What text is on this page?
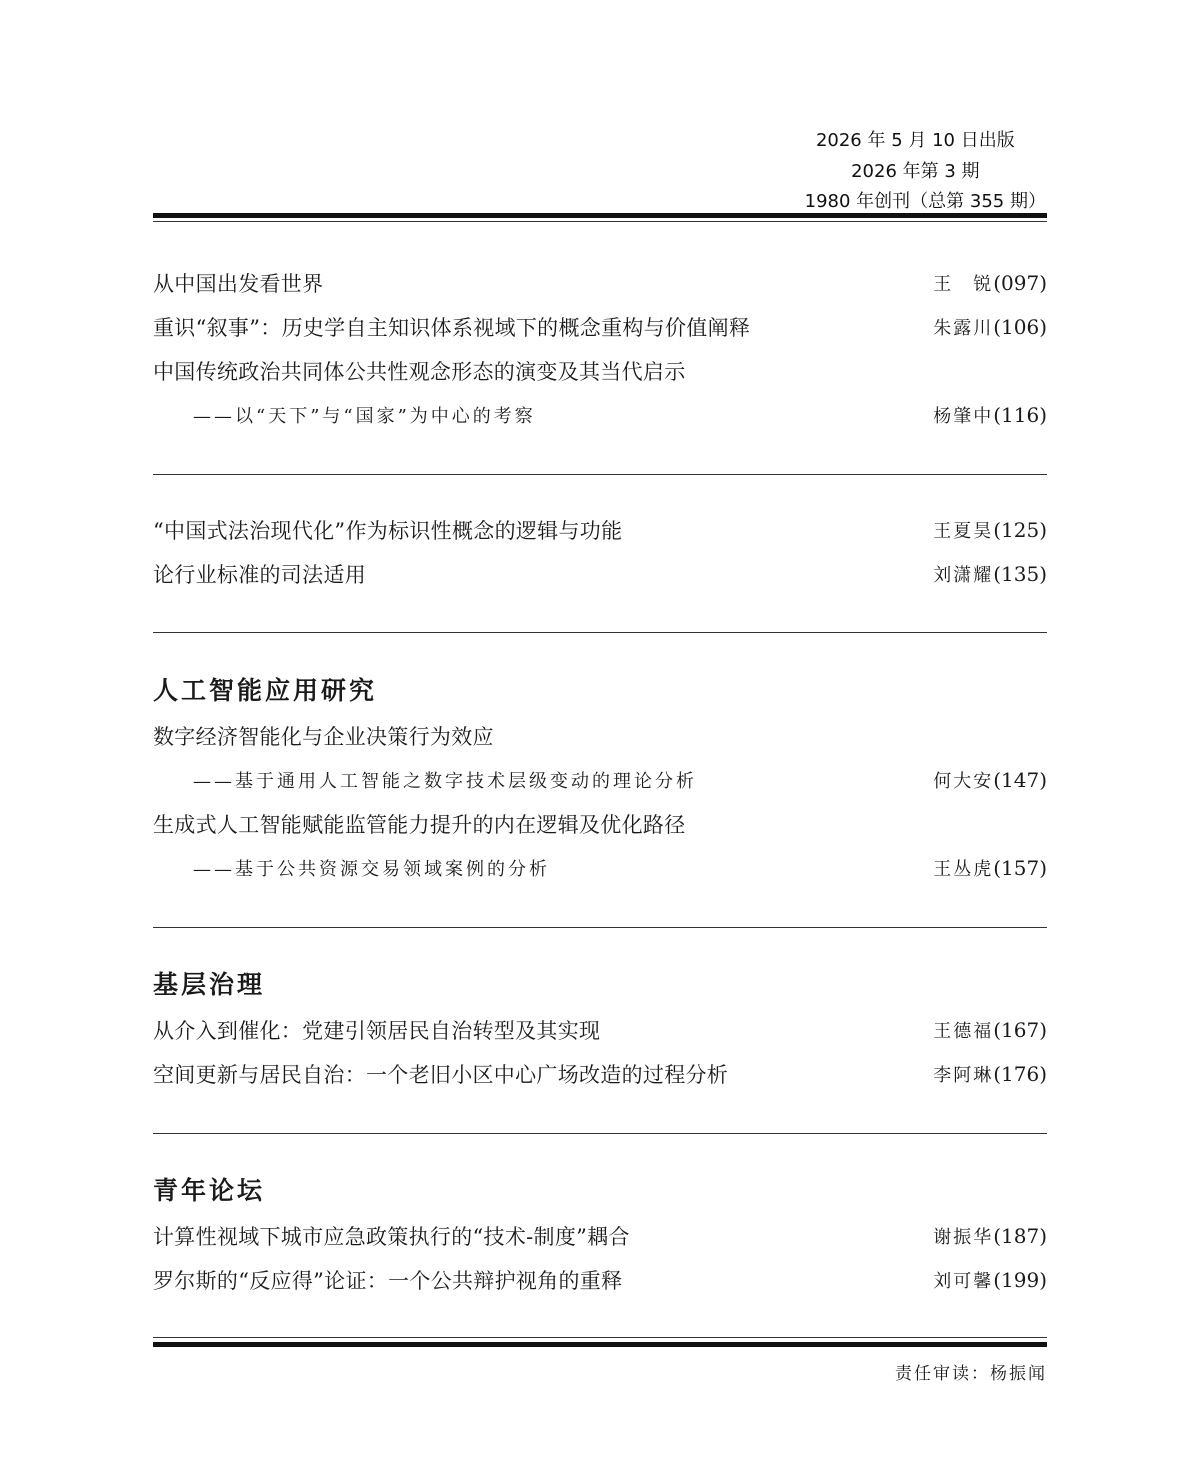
2026 年 5 月 10 日出版
2026 年第 3 期
1980 年创刊（总第 355 期）
从中国出发看世界	王　锐 (097)
重识“叙事”：历史学自主知识体系视域下的概念重构与价值阐释	朱露川 (106)
中国传统政治共同体公共性观念形态的演变及其当代启示
——以“天下”与“国家”为中心的考察	杨肇中 (116)
“中国式法治现代化”作为标识性概念的逻辑与功能	王夏昊 (125)
论行业标准的司法适用	刘潇耀 (135)
人工智能应用研究
数字经济智能化与企业决策行为效应
——基于通用人工智能之数字技术层级变动的理论分析	何大安 (147)
生成式人工智能赋能监管能力提升的内在逻辑及优化路径
——基于公共资源交易领域案例的分析	王丛虎 (157)
基层治理
从介入到催化：党建引领居民自治转型及其实现	王德福 (167)
空间更新与居民自治：一个老旧小区中心广场改造的过程分析	李阿琳 (176)
青年论坛
计算性视域下城市应急政策执行的“技术-制度”耦合	谢振华 (187)
罗尔斯的“反应得”论证：一个公共辩护视角的重释	刘可馨 (199)
责任审读：杨振闻
